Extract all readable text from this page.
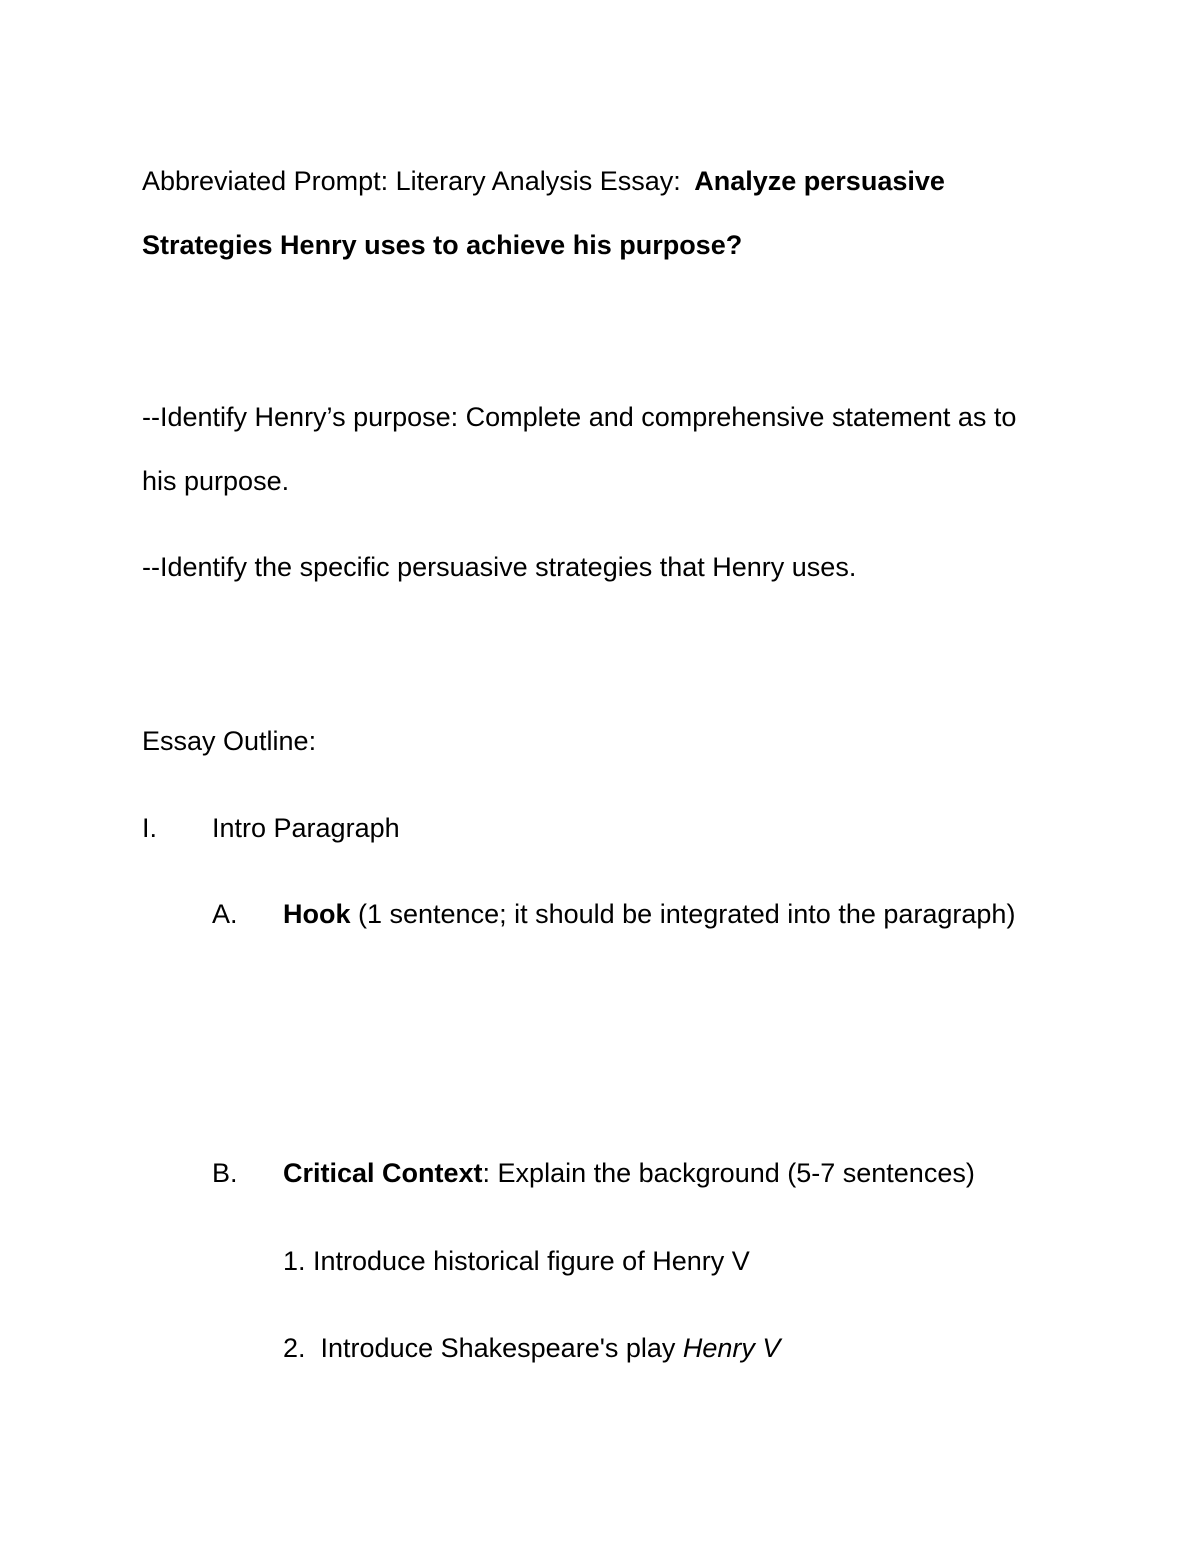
Abbreviated Prompt: Literary Analysis Essay: Analyze persuasive
Strategies Henry uses to achieve his purpose?
--Identify Henry’s purpose: Complete and comprehensive statement as to
his purpose.
--Identify the specific persuasive strategies that Henry uses.
Essay Outline:
I. Intro Paragraph
A. Hook (1 sentence; it should be integrated into the paragraph)
B. Critical Context: Explain the background (5-7 sentences)
1. Introduce historical figure of Henry V
2.  Introduce Shakespeare's play Henry V
